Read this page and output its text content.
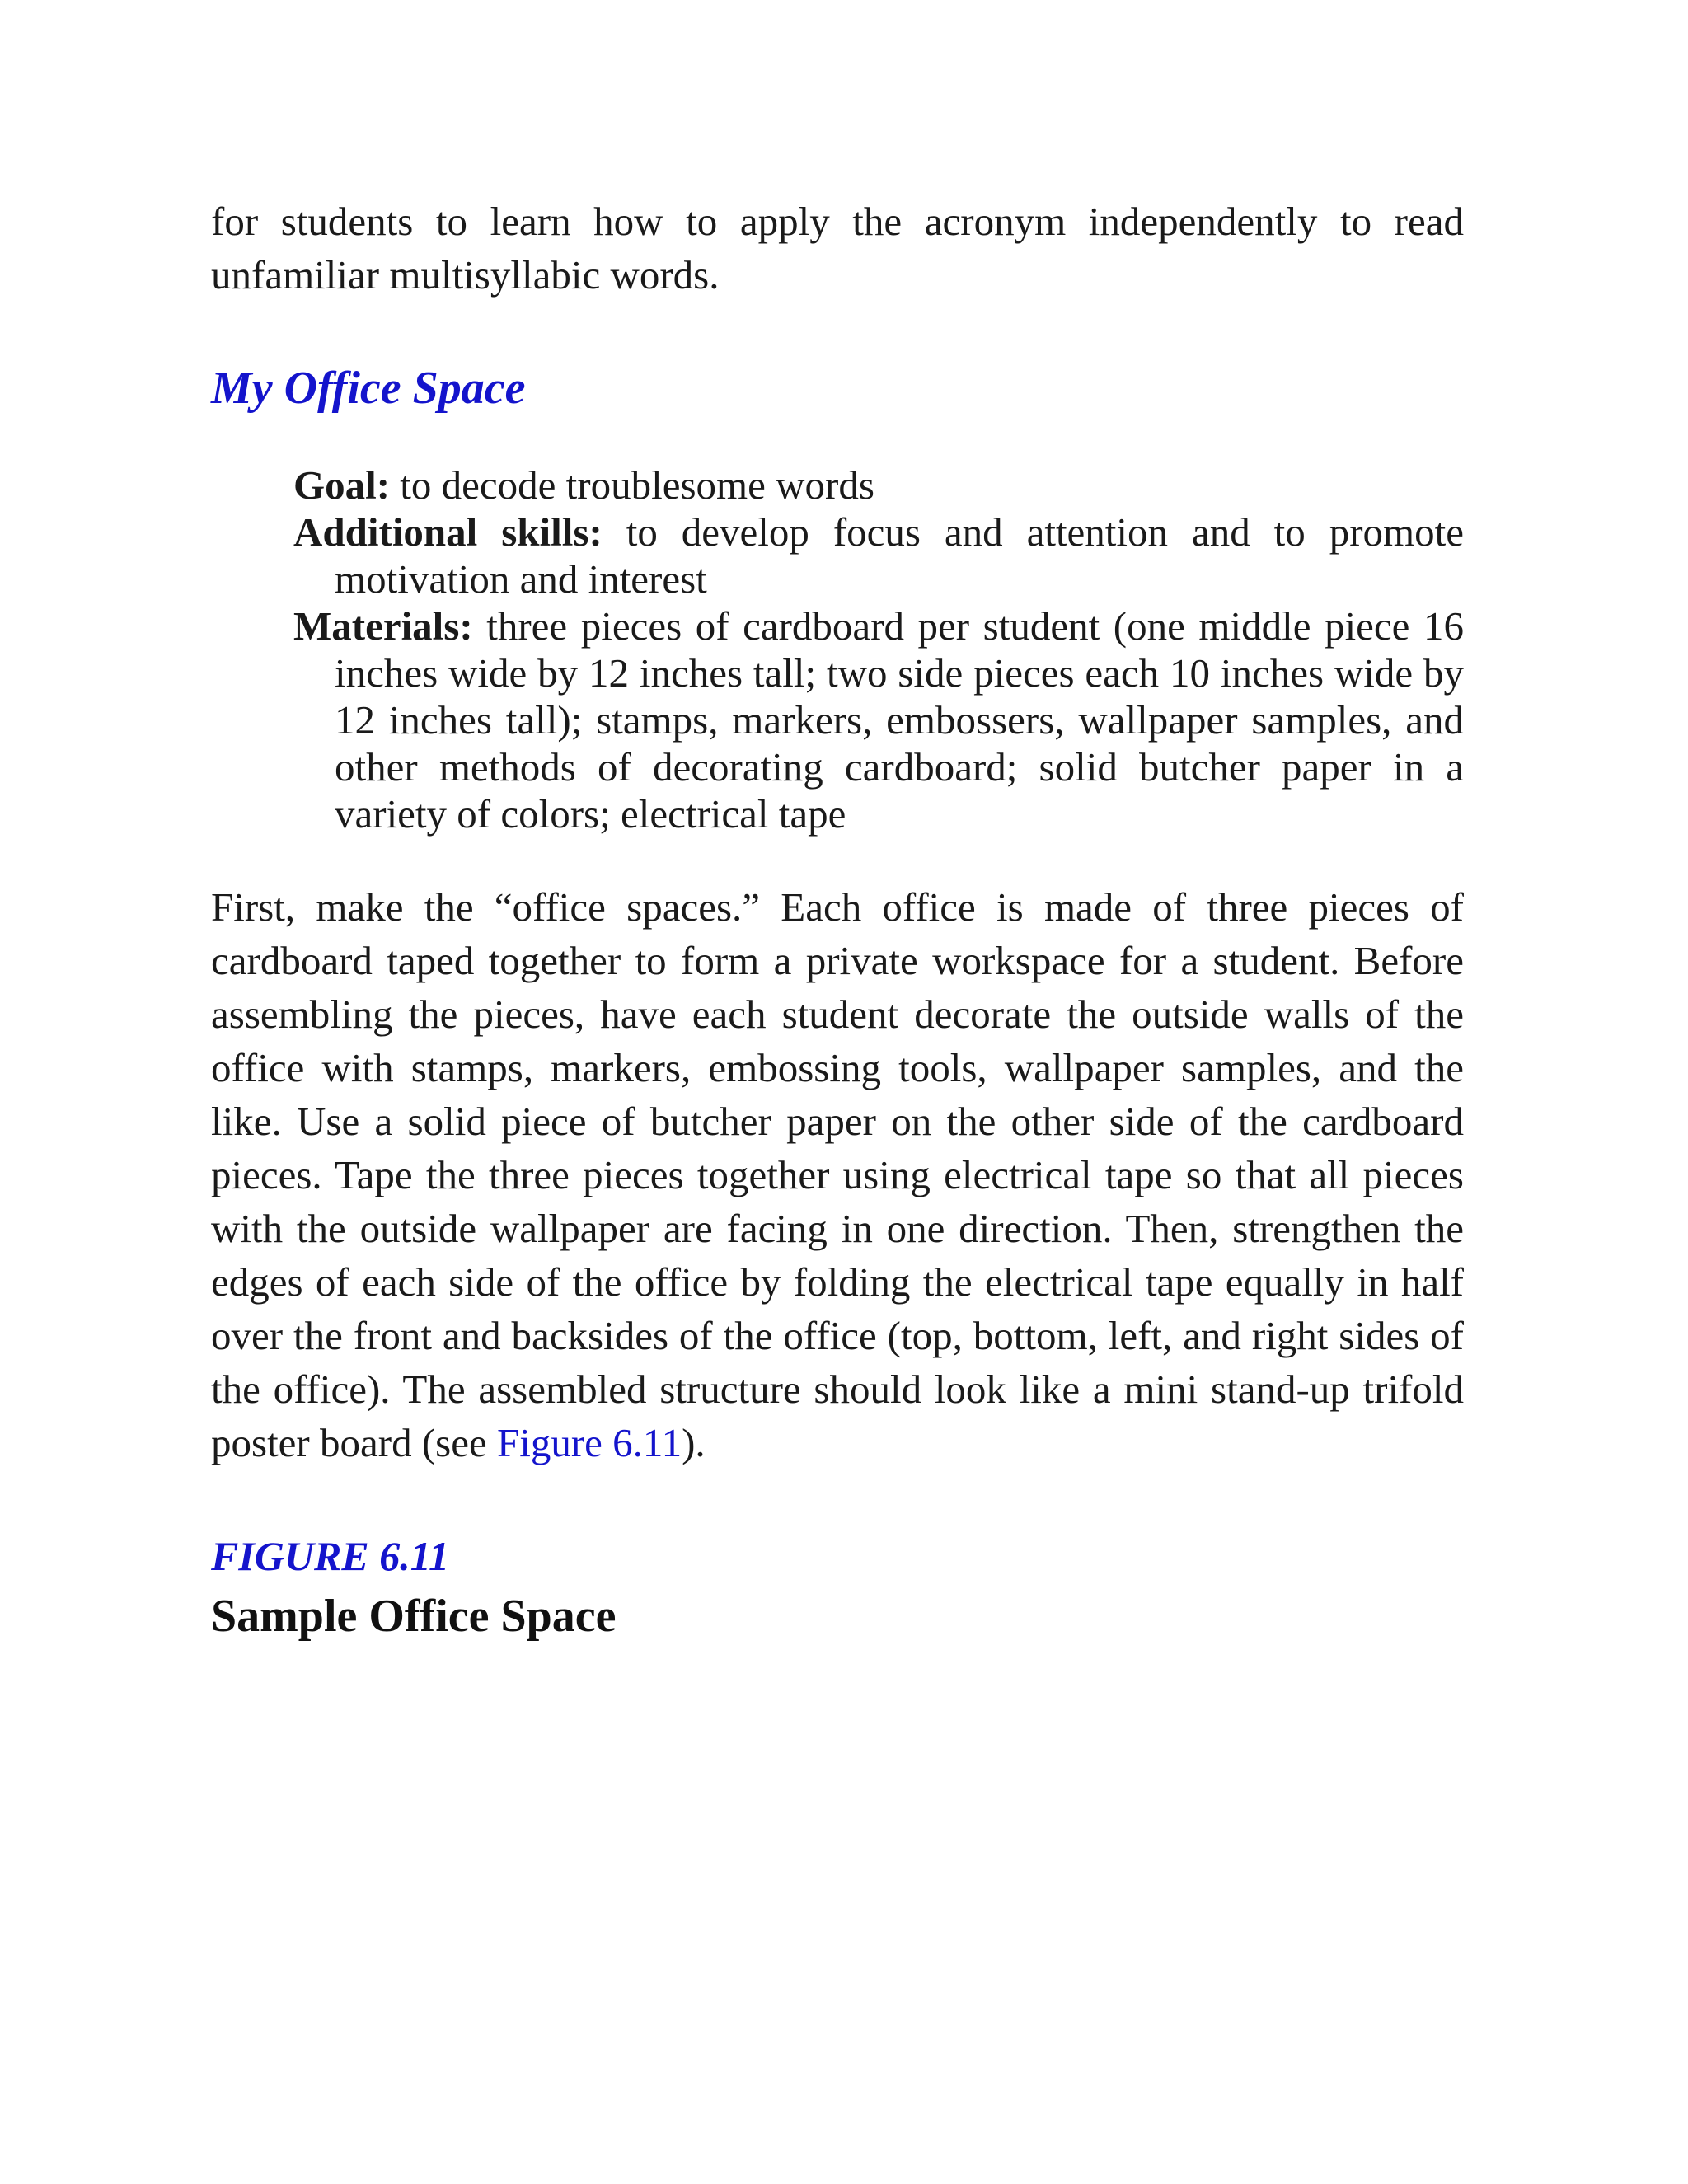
for students to learn how to apply the acronym independently to read unfamiliar multisyllabic words.

My Office Space

Goal: to decode troublesome words

Additional skills: to develop focus and attention and to promote motivation and interest

Materials: three pieces of cardboard per student (one middle piece 16 inches wide by 12 inches tall; two side pieces each 10 inches wide by 12 inches tall); stamps, markers, embossers, wallpaper samples, and other methods of decorating cardboard; solid butcher paper in a variety of colors; electrical tape

First, make the “office spaces.” Each office is made of three pieces of cardboard taped together to form a private workspace for a student. Before assembling the pieces, have each student decorate the outside walls of the office with stamps, markers, embossing tools, wallpaper samples, and the like. Use a solid piece of butcher paper on the other side of the cardboard pieces. Tape the three pieces together using electrical tape so that all pieces with the outside wallpaper are facing in one direction. Then, strengthen the edges of each side of the office by folding the electrical tape equally in half over the front and backsides of the office (top, bottom, left, and right sides of the office). The assembled structure should look like a mini stand-up trifold poster board (see Figure 6.11).

FIGURE 6.11

Sample Office Space
